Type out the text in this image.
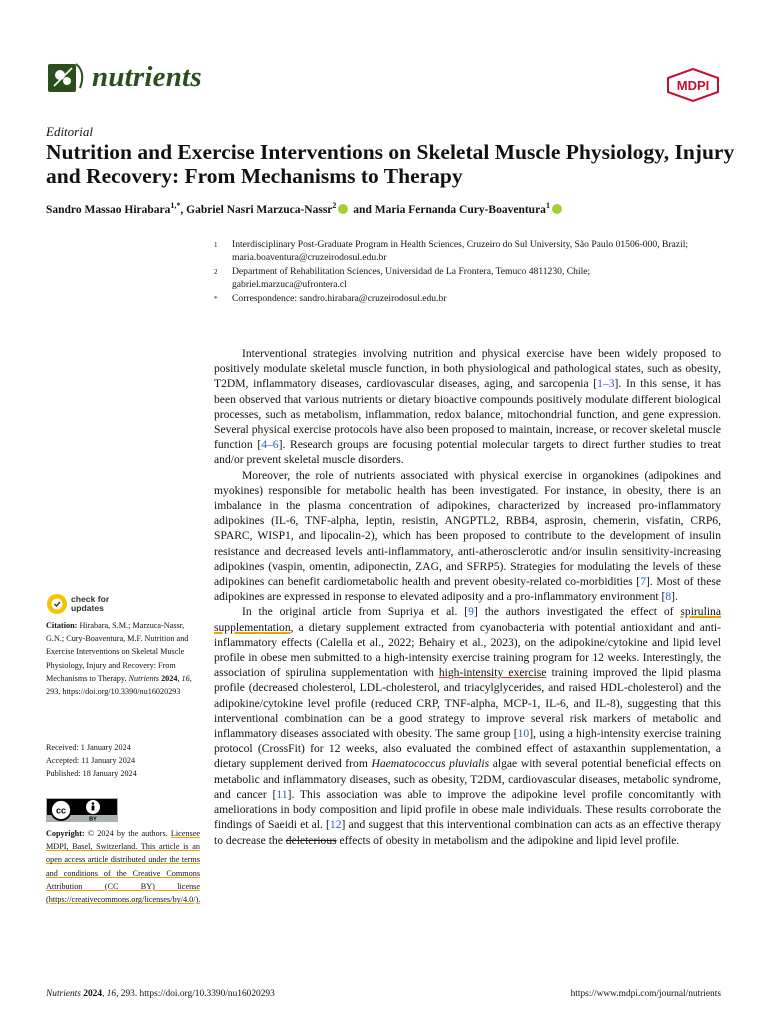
nutrients	MDPI
Editorial
Nutrition and Exercise Interventions on Skeletal Muscle Physiology, Injury and Recovery: From Mechanisms to Therapy
Sandro Massao Hirabara$^{1,*}$, Gabriel Nasri Marzuca-Nassr$^2$ and Maria Fernanda Cury-Boaventura$^1$
1	Interdisciplinary Post-Graduate Program in Health Sciences, Cruzeiro do Sul University, São Paulo 01506-000, Brazil; maria.boaventura@cruzeirodosul.edu.br
2	Department of Rehabilitation Sciences, Universidad de La Frontera, Temuco 4811230, Chile; gabriel.marzuca@ufrontera.cl
*	Correspondence: sandro.hirabara@cruzeirodosul.edu.br

Interventional strategies involving nutrition and physical exercise have been widely proposed to positively modulate skeletal muscle function, in both physiological and pathological states, such as obesity, T2DM, inflammatory diseases, cardiovascular diseases, aging, and sarcopenia [1–3]. In this sense, it has been observed that various nutrients or dietary bioactive compounds positively modulate different biological processes, such as metabolism, inflammation, redox balance, mitochondrial function, and gene expression. Several physical exercise protocols have also been proposed to maintain, increase, or recover skeletal muscle function [4–6]. Research groups are focusing potential molecular targets to direct further studies to treat and/or prevent skeletal muscle disorders.

Moreover, the role of nutrients associated with physical exercise in organokines (adipokines and myokines) responsible for metabolic health has been investigated. For instance, in obesity, there is an imbalance in the plasma concentration of adipokines, characterized by increased pro-inflammatory adipokines (IL-6, TNF-alpha, leptin, resistin, ANGPTL2, RBB4, asprosin, chemerin, visfatin, CRP6, SPARC, WISP1, and lipocalin-2), which has been proposed to contribute to the development of insulin resistance and decreased levels anti-inflammatory, anti-atherosclerotic and/or insulin sensitivity-increasing adipokines (vaspin, omentin, adiponectin, ZAG, and SFRP5). Strategies for modulating the levels of these adipokines can benefit cardiometabolic health and prevent obesity-related co-morbidities [7]. Most of these adipokines are expressed in response to elevated adiposity and a pro-inflammatory environment [8].

In the original article from Supriya et al. [9] the authors investigated the effect of spirulina supplementation, a dietary supplement extracted from cyanobacteria with potential antioxidant and anti-inflammatory effects (Calella et al., 2022; Behairy et al., 2023), on the adipokine/cytokine and lipid level profile in obese men submitted to a high-intensity exercise training program for 12 weeks. Interestingly, the association of spirulina supplementation with high-intensity exercise training improved the lipid plasma profile (decreased cholesterol, LDL-cholesterol, and triacylglycerides, and raised HDL-cholesterol) and the adipokine/cytokine level profile (reduced CRP, TNF-alpha, MCP-1, IL-6, and IL-8), suggesting that this interventional combination can be a good strategy to improve several risk markers of metabolic and inflammatory diseases associated with obesity. The same group [10], using a high-intensity exercise training protocol (CrossFit) for 12 weeks, also evaluated the combined effect of astaxanthin supplementation, a dietary supplement derived from Haematococcus pluvialis algae with several potential beneficial effects on metabolic and inflammatory diseases, such as obesity, T2DM, cardiovascular diseases, metabolic syndrome, and cancer [11]. This association was able to improve the adipokine level profile concomitantly with ameliorations in body composition and lipid profile in obese male individuals. These results corroborate the findings of Saeidi et al. [12] and suggest that this interventional combination can acts as an effective therapy to decrease the deleterious effects of obesity in metabolism and the adipokine and lipid level profile.

check for
updates
Citation: Hirabara, S.M.; Marzuca-Nassr, G.N.; Cury-Boaventura, M.F. Nutrition and Exercise Interventions on Skeletal Muscle Physiology, Injury and Recovery: From Mechanisms to Therapy. Nutrients 2024, 16, 293. https://doi.org/10.3390/nu16020293
Received: 1 January 2024
Accepted: 11 January 2024
Published: 18 January 2024
cc
BY
Copyright: © 2024 by the authors. Licensee MDPI, Basel, Switzerland. This article is an open access article distributed under the terms and conditions of the Creative Commons Attribution (CC BY) license (https://creativecommons.org/licenses/by/4.0/).
Nutrients 2024, 16, 293. https://doi.org/10.3390/nu16020293	https://www.mdpi.com/journal/nutrients
